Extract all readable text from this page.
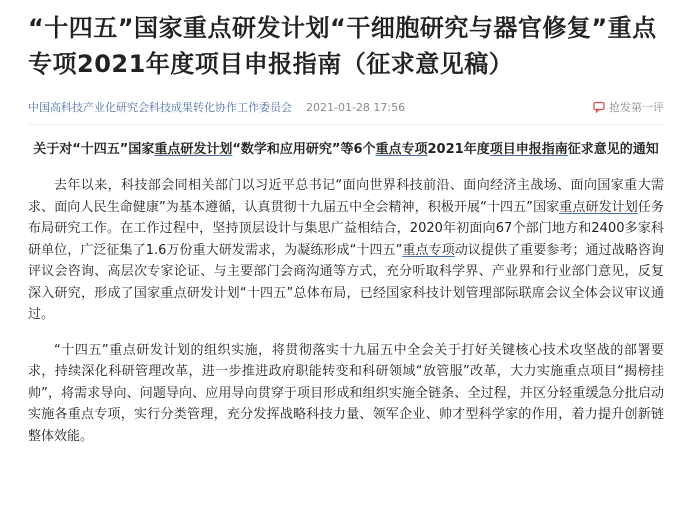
“十四五”国家重点研发计划“干细胞研究与器官修复”重点专项2021年度项目申报指南（征求意见稿）
中国高科技产业化研究会科技成果转化协作工作委员会 2021-01-28 17:56	抢发第一评

关于对“十四五”国家重点研发计划“数学和应用研究”等6个重点专项2021年度项目申报指南征求意见的通知

去年以来，科技部会同相关部门以习近平总书记“面向世界科技前沿、面向经济主战场、面向国家重大需求、面向人民生命健康”为基本遵循，认真贯彻十九届五中全会精神，积极开展“十四五”国家重点研发计划任务布局研究工作。在工作过程中，坚持顶层设计与集思广益相结合，2020年初面向67个部门地方和2400多家科研单位，广泛征集了1.6万份重大研发需求，为凝练形成“十四五”重点专项动议提供了重要参考；通过战略咨询评议会咨询、高层次专家论证、与主要部门会商沟通等方式，充分听取科学界、产业界和行业部门意见，反复深入研究，形成了国家重点研发计划“十四五”总体布局，已经国家科技计划管理部际联席会议全体会议审议通过。

“十四五”重点研发计划的组织实施，将贯彻落实十九届五中全会关于打好关键核心技术攻坚战的部署要求，持续深化科研管理改革，进一步推进政府职能转变和科研领域“放管服”改革，大力实施重点项目“揭榜挂帅”，将需求导向、问题导向、应用导向贯穿于项目形成和组织实施全链条、全过程，并区分轻重缓急分批启动实施各重点专项，实行分类管理，充分发挥战略科技力量、领军企业、帅才型科学家的作用，着力提升创新链整体效能。
